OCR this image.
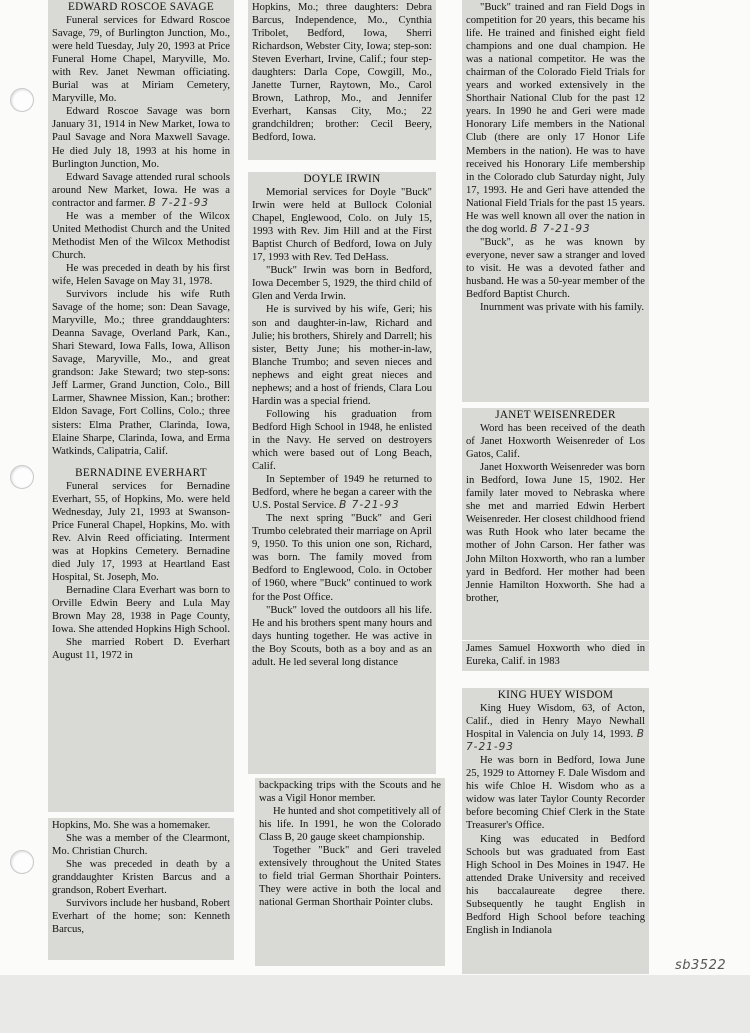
EDWARD ROSCOE SAVAGE

Funeral services for Edward Roscoe Savage, 79, of Burlington Junction, Mo., were held Tuesday, July 20, 1993 at Price Funeral Home Chapel, Maryville, Mo. with Rev. Janet Newman officiating. Burial was at Miriam Cemetery, Maryville, Mo.

Edward Roscoe Savage was born January 31, 1914 in New Market, Iowa to Paul Savage and Nora Maxwell Savage. He died July 18, 1993 at his home in Burlington Junction, Mo.

Edward Savage attended rural schools around New Market, Iowa. He was a contractor and farmer. B 7-21-93

He was a member of the Wilcox United Methodist Church and the United Methodist Men of the Wilcox Methodist Church.

He was preceded in death by his first wife, Helen Savage on May 31, 1978.

Survivors include his wife Ruth Savage of the home; son: Dean Savage, Maryville, Mo.; three granddaughters: Deanna Savage, Overland Park, Kan., Shari Steward, Iowa Falls, Iowa, Allison Savage, Maryville, Mo., and great grandson: Jake Steward; two step-sons: Jeff Larmer, Grand Junction, Colo., Bill Larmer, Shawnee Mission, Kan.; brother: Eldon Savage, Fort Collins, Colo.; three sisters: Elma Prather, Clarinda, Iowa, Elaine Sharpe, Clarinda, Iowa, and Erma Watkinds, Calipatria, Calif.

BERNADINE EVERHART

Funeral services for Bernadine Everhart, 55, of Hopkins, Mo. were held Wednesday, July 21, 1993 at Swanson-Price Funeral Chapel, Hopkins, Mo. with Rev. Alvin Reed officiating. Interment was at Hopkins Cemetery. Bernadine died July 17, 1993 at Heartland East Hospital, St. Joseph, Mo.

Bernadine Clara Everhart was born to Orville Edwin Beery and Lula May Brown May 28, 1938 in Page County, Iowa. She attended Hopkins High School.

She married Robert D. Everhart August 11, 1972 in

Hopkins, Mo. She was a homemaker.

She was a member of the Clearmont, Mo. Christian Church.

She was preceded in death by a granddaughter Kristen Barcus and a grandson, Robert Everhart.

Survivors include her husband, Robert Everhart of the home; son: Kenneth Barcus,

Hopkins, Mo.; three daughters: Debra Barcus, Independence, Mo., Cynthia Tribolet, Bedford, Iowa, Sherri Richardson, Webster City, Iowa; step-son: Steven Everhart, Irvine, Calif.; four step-daughters: Darla Cope, Cowgill, Mo., Janette Turner, Raytown, Mo., Carol Brown, Lathrop, Mo., and Jennifer Everhart, Kansas City, Mo.; 22 grandchildren; brother: Cecil Beery, Bedford, Iowa.

DOYLE IRWIN

Memorial services for Doyle "Buck" Irwin were held at Bullock Colonial Chapel, Englewood, Colo. on July 15, 1993 with Rev. Jim Hill and at the First Baptist Church of Bedford, Iowa on July 17, 1993 with Rev. Ted DeHass.

"Buck" Irwin was born in Bedford, Iowa December 5, 1929, the third child of Glen and Verda Irwin.

He is survived by his wife, Geri; his son and daughter-in-law, Richard and Julie; his brothers, Shirely and Darrell; his sister, Betty June; his mother-in-law, Blanche Trumbo; and seven nieces and nephews and eight great nieces and nephews; and a host of friends, Clara Lou Hardin was a special friend.

Following his graduation from Bedford High School in 1948, he enlisted in the Navy. He served on destroyers which were based out of Long Beach, Calif.

In September of 1949 he returned to Bedford, where he began a career with the U.S. Postal Service. B 7-21-93

The next spring "Buck" and Geri Trumbo celebrated their marriage on April 9, 1950. To this union one son, Richard, was born. The family moved from Bedford to Englewood, Colo. in October of 1960, where "Buck" continued to work for the Post Office.

"Buck" loved the outdoors all his life. He and his brothers spent many hours and days hunting together. He was active in the Boy Scouts, both as a boy and as an adult. He led several long distance

backpacking trips with the Scouts and he was a Vigil Honor member.

He hunted and shot competitively all of his life. In 1991, he won the Colorado Class B, 20 gauge skeet championship.

Together "Buck" and Geri traveled extensively throughout the United States to field trial German Shorthair Pointers. They were active in both the local and national German Shorthair Pointer clubs.

"Buck" trained and ran Field Dogs in competition for 20 years, this became his life. He trained and finished eight field champions and one dual champion. He was a national competitor. He was the chairman of the Colorado Field Trials for years and worked extensively in the Shorthair National Club for the past 12 years. In 1990 he and Geri were made Honorary Life members in the National Club (there are only 17 Honor Life Members in the nation). He was to have received his Honorary Life membership in the Colorado club Saturday night, July 17, 1993. He and Geri have attended the National Field Trials for the past 15 years. He was well known all over the nation in the dog world. B 7-21-93

"Buck", as he was known by everyone, never saw a stranger and loved to visit. He was a devoted father and husband. He was a 50-year member of the Bedford Baptist Church.

Inurnment was private with his family.

JANET WEISENREDER

Word has been received of the death of Janet Hoxworth Weisenreder of Los Gatos, Calif.

Janet Hoxworth Weisenreder was born in Bedford, Iowa June 15, 1902. Her family later moved to Nebraska where she met and married Edwin Herbert Weisenreder. Her closest childhood friend was Ruth Hook who later became the mother of John Carson. Her father was John Milton Hoxworth, who ran a lumber yard in Bedford. Her mother had been Jennie Hamilton Hoxworth. She had a brother,

James Samuel Hoxworth who died in Eureka, Calif. in 1983

KING HUEY WISDOM

King Huey Wisdom, 63, of Acton, Calif., died in Henry Mayo Newhall Hospital in Valencia on July 14, 1993. B 7-21-93

He was born in Bedford, Iowa June 25, 1929 to Attorney F. Dale Wisdom and his wife Chloe H. Wisdom who as a widow was later Taylor County Recorder before becoming Chief Clerk in the State Treasurer's Office.

King was educated in Bedford Schools but was graduated from East High School in Des Moines in 1947. He attended Drake University and received his baccalaureate degree there. Subsequently he taught English in Bedford High School before teaching English in Indianola

sb3522
